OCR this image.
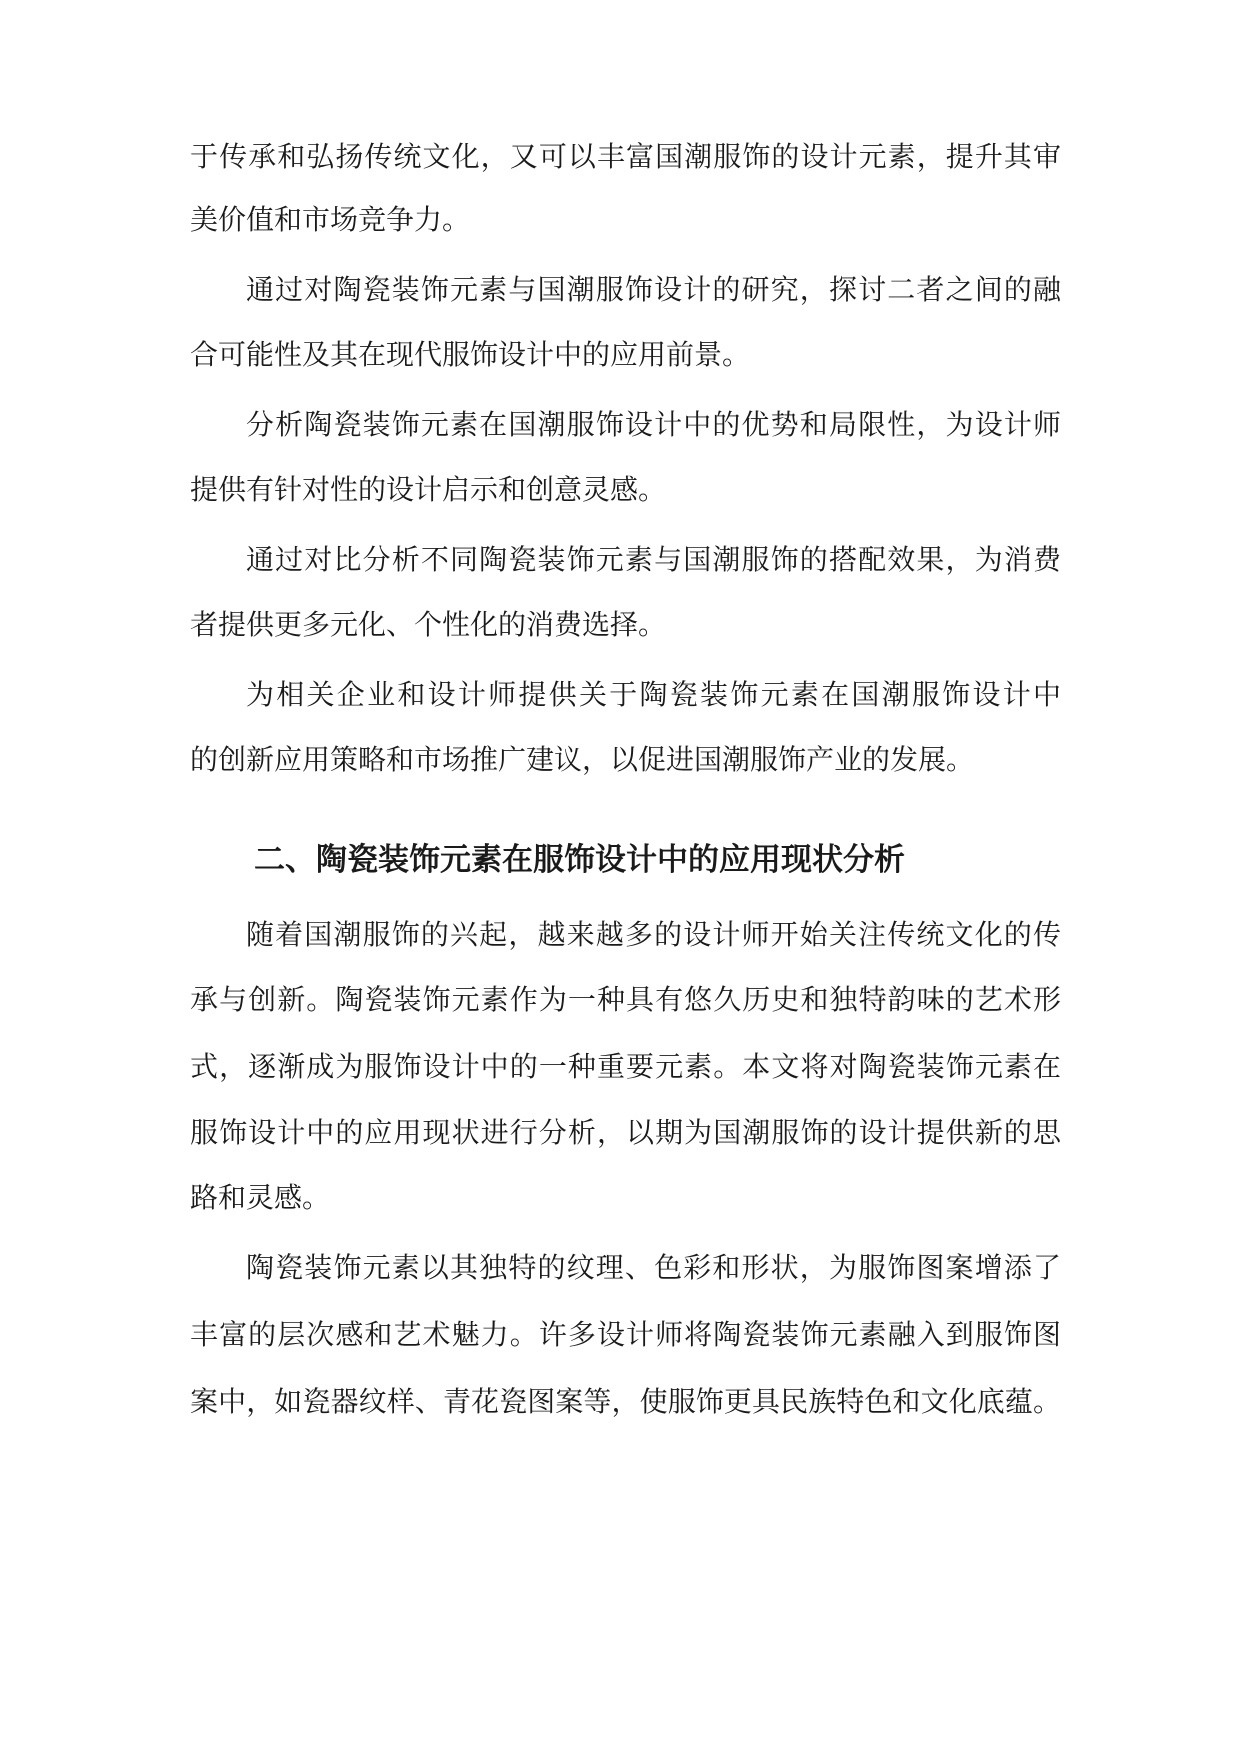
于传承和弘扬传统文化，又可以丰富国潮服饰的设计元素，提升其审
美价值和市场竞争力。
通过对陶瓷装饰元素与国潮服饰设计的研究，探讨二者之间的融
合可能性及其在现代服饰设计中的应用前景。
分析陶瓷装饰元素在国潮服饰设计中的优势和局限性，为设计师
提供有针对性的设计启示和创意灵感。
通过对比分析不同陶瓷装饰元素与国潮服饰的搭配效果，为消费
者提供更多元化、个性化的消费选择。
为相关企业和设计师提供关于陶瓷装饰元素在国潮服饰设计中
的创新应用策略和市场推广建议，以促进国潮服饰产业的发展。
二、陶瓷装饰元素在服饰设计中的应用现状分析
随着国潮服饰的兴起，越来越多的设计师开始关注传统文化的传
承与创新。陶瓷装饰元素作为一种具有悠久历史和独特韵味的艺术形
式，逐渐成为服饰设计中的一种重要元素。本文将对陶瓷装饰元素在
服饰设计中的应用现状进行分析，以期为国潮服饰的设计提供新的思
路和灵感。
陶瓷装饰元素以其独特的纹理、色彩和形状，为服饰图案增添了
丰富的层次感和艺术魅力。许多设计师将陶瓷装饰元素融入到服饰图
案中，如瓷器纹样、青花瓷图案等，使服饰更具民族特色和文化底蕴。
